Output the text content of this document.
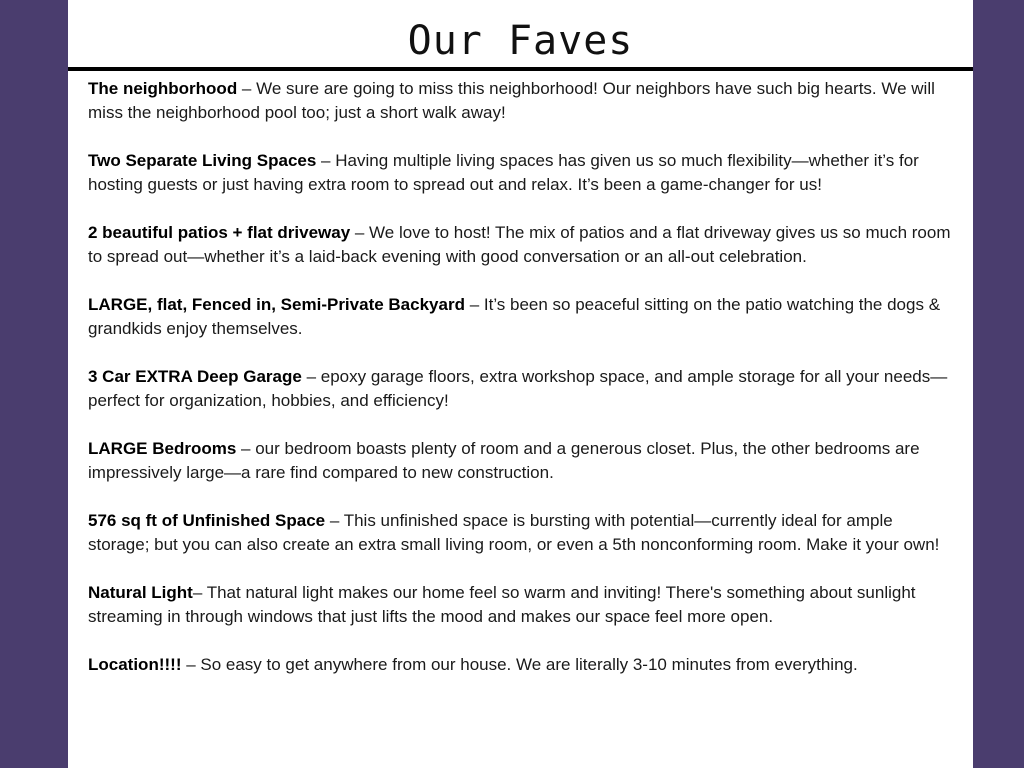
Our Faves

The neighborhood – We sure are going to miss this neighborhood! Our neighbors have such big hearts. We will miss the neighborhood pool too; just a short walk away!

Two Separate Living Spaces – Having multiple living spaces has given us so much flexibility—whether it’s for hosting guests or just having extra room to spread out and relax. It’s been a game-changer for us!

2 beautiful patios + flat driveway – We love to host! The mix of patios and a flat driveway gives us so much room to spread out—whether it’s a laid-back evening with good conversation or an all-out celebration.

LARGE, flat, Fenced in, Semi-Private Backyard – It’s been so peaceful sitting on the patio watching the dogs & grandkids enjoy themselves.

3 Car EXTRA Deep Garage – epoxy garage floors, extra workshop space, and ample storage for all your needs—perfect for organization, hobbies, and efficiency!

LARGE Bedrooms – our bedroom boasts plenty of room and a generous closet. Plus, the other bedrooms are impressively large—a rare find compared to new construction.

576 sq ft of Unfinished Space – This unfinished space is bursting with potential—currently ideal for ample storage; but you can also create an extra small living room, or even a 5th nonconforming room. Make it your own!

Natural Light– That natural light makes our home feel so warm and inviting! There's something about sunlight streaming in through windows that just lifts the mood and makes our space feel more open.

Location!!!! – So easy to get anywhere from our house. We are literally 3-10 minutes from everything.
